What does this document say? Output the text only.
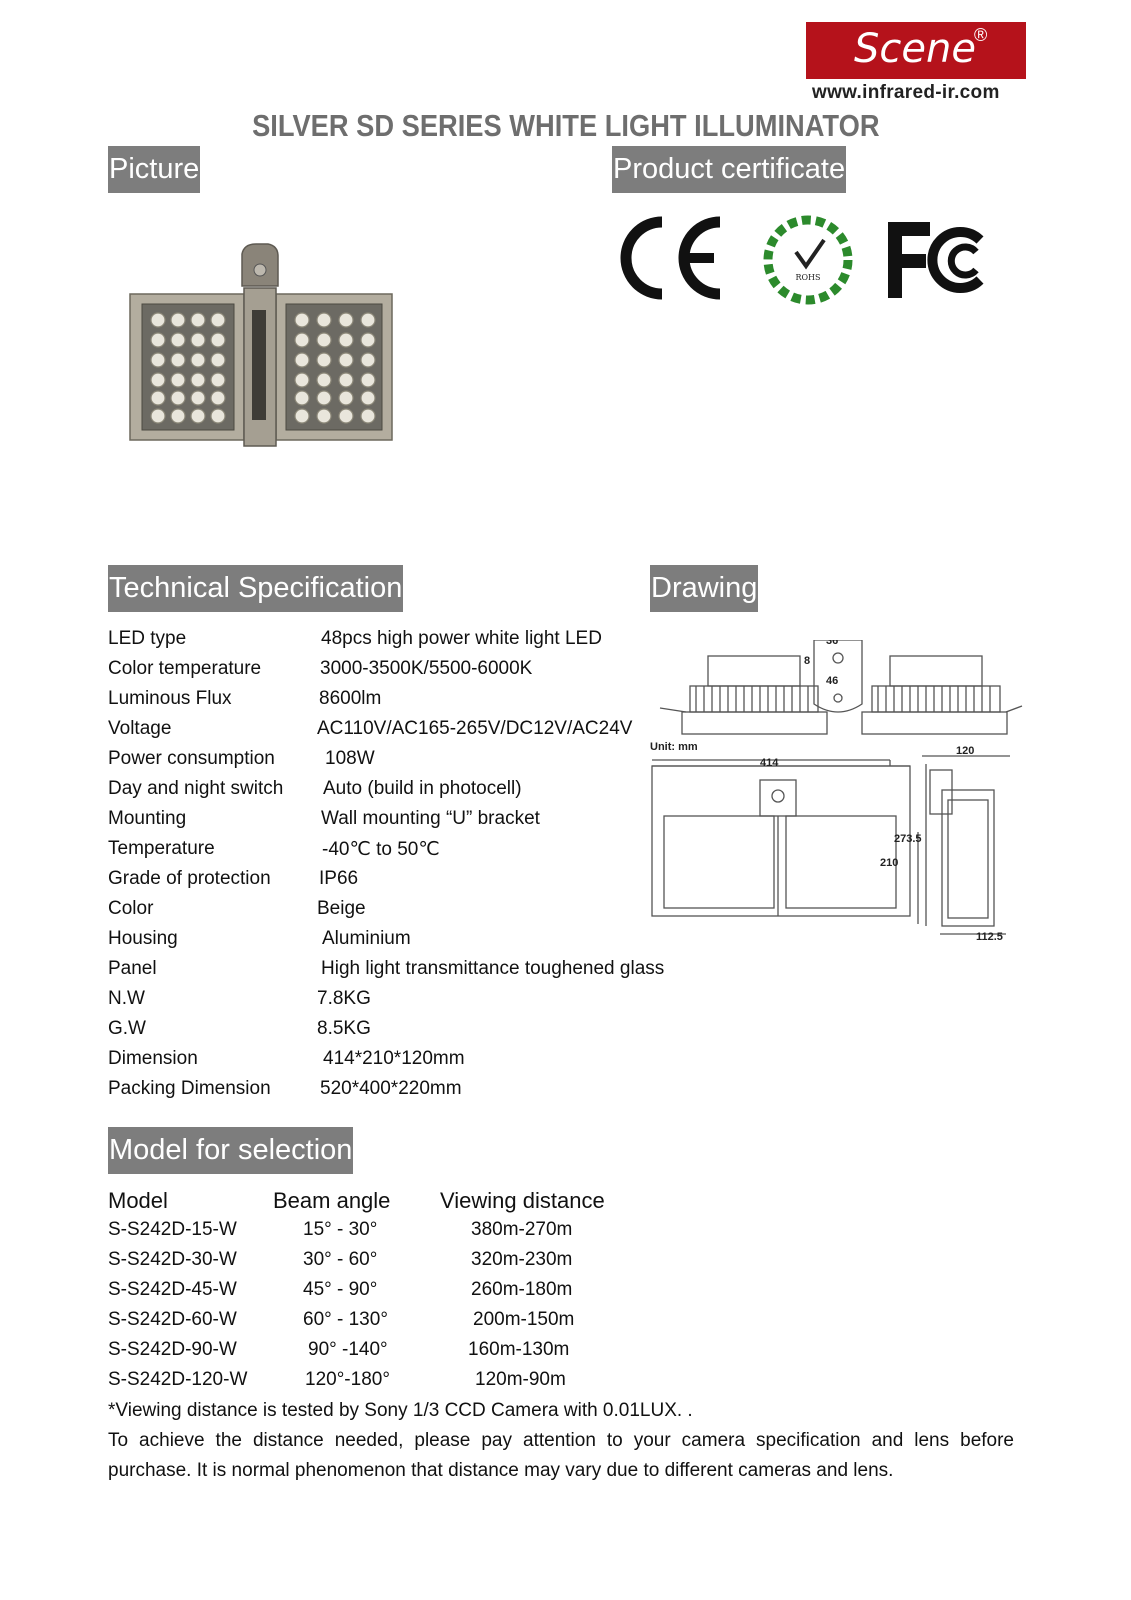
Scene
®
www.infrared-ir.com
SILVER SD SERIES WHITE LIGHT ILLUMINATOR
Picture	Product certificate
ROHS
Technical Specification	Drawing
LED type	48pcs high power white light LED
Color temperature	3000-3500K/5500-6000K
Luminous Flux	8600lm
Voltage	AC110V/AC165-265V/DC12V/AC24V
Power consumption	108W
Day and night switch Auto (build in photocell)
Mounting	Wall mounting “U” bracket
Temperature	-40℃ to 50℃
Grade of protection	IP66
Color	Beige
Housing	Aluminium
Panel	High light transmittance toughened glass
N.W	7.8KG
G.W	8.5KG
Dimension	414*210*120mm
Packing Dimension	520*400*220mm
36
8
46
Unit: mm
414
120
273.5
210
112.5
Model for selection
Model	Beam angle Viewing distance
S-S242D-15-W	15° - 30°	380m-270m
S-S242D-30-W	30° - 60°	320m-230m
S-S242D-45-W	45° - 90°	260m-180m
S-S242D-60-W	60° - 130°	200m-150m
S-S242D-90-W	90° -140°	160m-130m
S-S242D-120-W	120°-180°	120m-90m
*Viewing distance is tested by Sony 1/3 CCD Camera with 0.01LUX. .
To achieve the distance needed, please pay attention to your camera specification and lens before purchase. It is normal phenomenon that distance may vary due to different cameras and lens.
